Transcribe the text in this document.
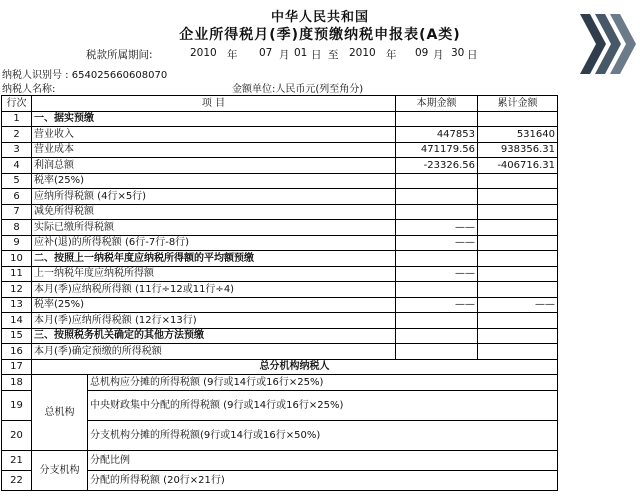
中华人民共和国
企业所得税月(季)度预缴纳税申报表(A类)
税款所属期间:	2010 年 07 月 01 日 至 2010 年 09 月 30 日
纳税人识别号 : 654025660608070
纳税人名称:	金额单位:人民币元(列至角分)
行次	项 目		本期金额	累计金额
1	一、据实预缴			
2	营业收入		447853	531640
3	营业成本		471179.56	938356.31
4	利润总额		-23326.56	-406716.31
5	税率(25%)			
6	应纳所得税额 (4行×5行)			
7	减免所得税额			
8	实际已缴所得税额		——	
9	应补(退)的所得税额 (6行-7行-8行)		——	
10	二、按照上一纳税年度应纳税所得额的平均额预缴			
11	上一纳税年度应纳税所得额		——	
12	本月(季)应纳税所得额 (11行÷12或11行÷4)			
13	税率(25%)		——	——
14	本月(季)应纳所得税额 (12行×13行)			
15	三、按照税务机关确定的其他方法预缴			
16	本月(季)确定预缴的所得税额			
17	总分机构纳税人			
18	总机构	总机构应分摊的所得税额 (9行或14行或16行×25%)		
19		中央财政集中分配的所得税额 (9行或14行或16行×25%)		

20		分支机构分摊的所得税额(9行或14行或16行×50%)		
21	分支机构	分配比例		
22		分配的所得税额 (20行×21行)		
